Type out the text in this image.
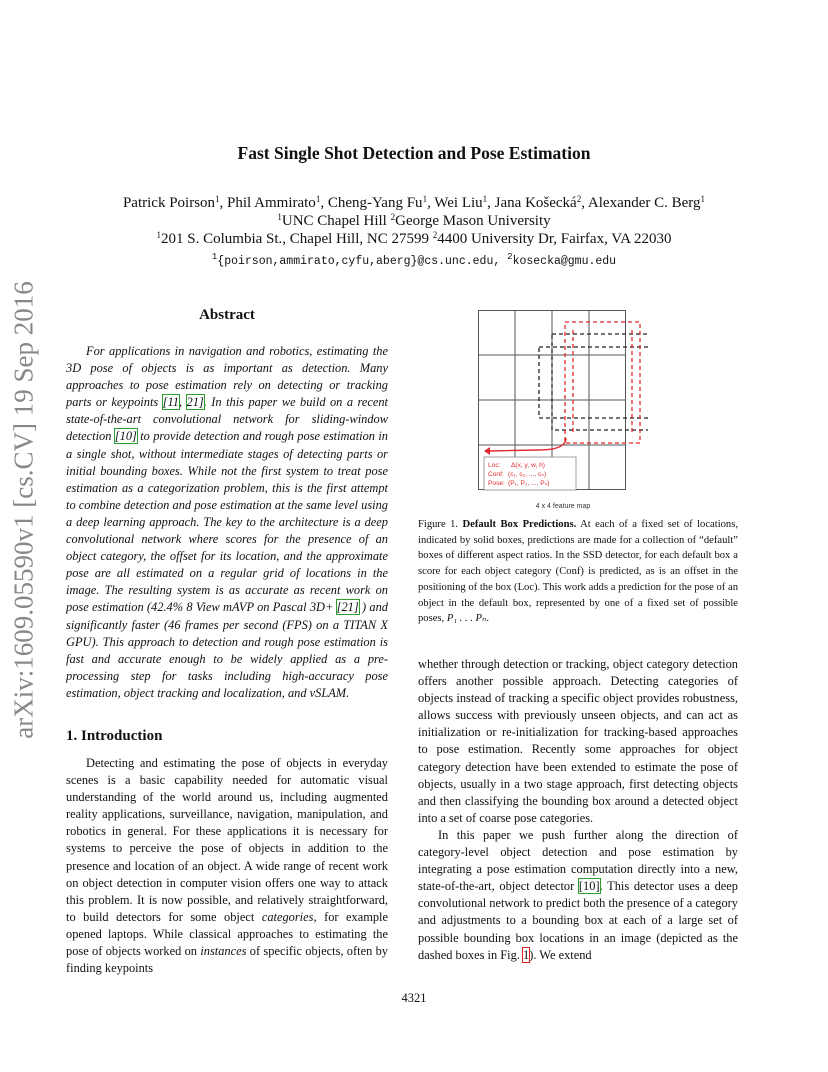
Fast Single Shot Detection and Pose Estimation
Patrick Poirson$^1$, Phil Ammirato$^1$, Cheng-Yang Fu$^1$, Wei Liu$^1$, Jana Košecká$^2$, Alexander C. Berg$^1$
$^1$UNC Chapel Hill $^2$George Mason University
$^1$201 S. Columbia St., Chapel Hill, NC 27599 $^2$4400 University Dr, Fairfax, VA 22030
$^1${poirson,ammirato,cyfu,aberg}@cs.unc.edu, $^2$kosecka@gmu.edu
arXiv:1609.05590v1 [cs.CV] 19 Sep 2016	Abstract

For applications in navigation and robotics, estimating the 3D pose of objects is as important as detection. Many approaches to pose estimation rely on detecting or tracking parts or keypoints [11, 21]. In this paper we build on a recent state-of-the-art convolutional network for sliding-window detection [10] to provide detection and rough pose estimation in a single shot, without intermediate stages of detecting parts or initial bounding boxes. While not the first system to treat pose estimation as a categorization problem, this is the first attempt to combine detection and pose estimation at the same level using a deep learning approach. The key to the architecture is a deep convolutional network where scores for the presence of an object category, the offset for its location, and the approximate pose are all estimated on a regular grid of locations in the image. The resulting system is as accurate as recent work on pose estimation (42.4% 8 View mAVP on Pascal 3D+ [21] ) and significantly faster (46 frames per second (FPS) on a TITAN X GPU). This approach to detection and rough pose estimation is fast and accurate enough to be widely applied as a pre-processing step for tasks including high-accuracy pose estimation, object tracking and localization, and vSLAM.

1. Introduction

Detecting and estimating the pose of objects in everyday scenes is a basic capability needed for automatic visual understanding of the world around us, including augmented reality applications, surveillance, navigation, manipulation, and robotics in general. For these applications it is necessary for systems to perceive the pose of objects in addition to the presence and location of an object. A wide range of recent work on object detection in computer vision offers one way to attack this problem. It is now possible, and relatively straightforward, to build detectors for some object categories, for example opened laptops. While classical approaches to estimating the pose of objects worked on instances of specific objects, often by finding keypoints

Loc: Δ(x, y, w, h)
Conf: (c₁, c₂, ..., cₙ)
Pose: (P₁, P₂, ..., Pₙ)
4 x 4 feature map

Figure 1. Default Box Predictions. At each of a fixed set of locations, indicated by solid boxes, predictions are made for a collection of “default” boxes of different aspect ratios. In the SSD detector, for each default box a score for each object category (Conf) is predicted, as is an offset in the positioning of the box (Loc). This work adds a prediction for the pose of an object in the default box, represented by one of a fixed set of possible poses, P₁ . . . Pₙ.

whether through detection or tracking, object category detection offers another possible approach. Detecting categories of objects instead of tracking a specific object provides robustness, allows success with previously unseen objects, and can act as initialization or re-initialization for tracking-based approaches to pose estimation. Recently some approaches for object category detection have been extended to estimate the pose of objects, usually in a two stage approach, first detecting objects and then classifying the bounding box around a detected object into a set of coarse pose categories.

In this paper we push further along the direction of category-level object detection and pose estimation by integrating a pose estimation computation directly into a new, state-of-the-art, object detector [10]. This detector uses a deep convolutional network to predict both the presence of a category and adjustments to a bounding box at each of a large set of possible bounding box locations in an image (depicted as the dashed boxes in Fig. 1). We extend

4321
